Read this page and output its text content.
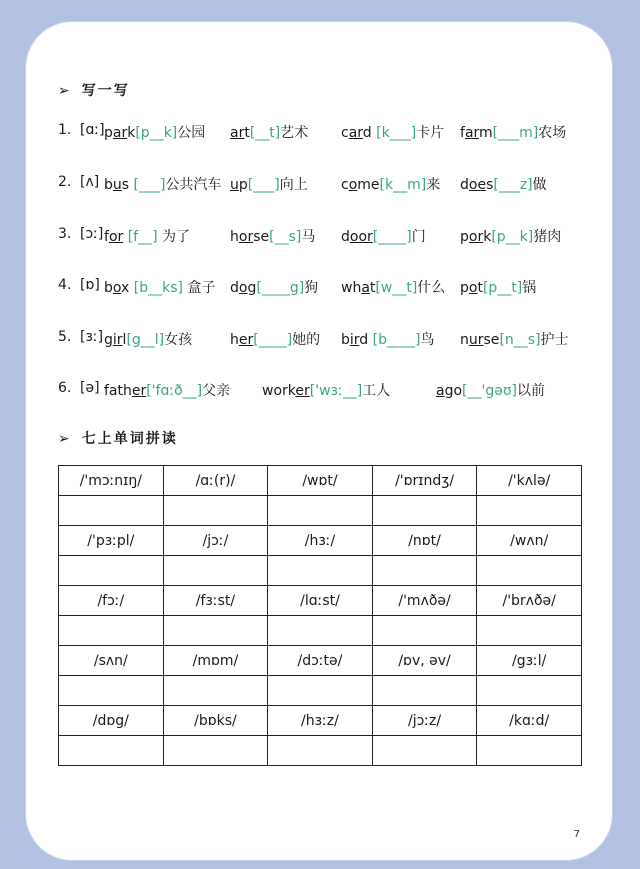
➢ 写一写
1. [ɑː] park[p__k]公园 art[__t]艺术 card [k___]卡片 farm[___m]农场
2. [ʌ] bus [___]公共汽车 up[___]向上 come[k__m]来 does[___z]做
3. [ɔː] for [f__] 为了	horse[__s]马 door[____]门 pork[p__k]猪肉
4. [ɒ] box [b__ks] 盒子 dog[____g]狗 what[w__t]什么 pot[p__t]锅
5. [ɜː] girl[g__l]女孩	her[____]她的 bird [b____]鸟 nurse[n__s]护士
6. [ə] father['fɑːð__]父亲 worker['wɜː__]工人	ago[__'gəʊ]以前
➢ 七上单词拼读
/'mɔːnɪŋ/	/ɑː(r)/	/wɒt/	/'ɒrɪndʒ/	/'kʌlə/

/'pɜːpl/	/jɔː/	/hɜː/	/nɒt/	/wʌn/

/fɔː/	/fɜːst/	/lɑːst/	/'mʌðə/	/'brʌðə/

/sʌn/	/mɒm/	/dɔːtə/	/ɒv, əv/	/gɜːl/

/dɒg/	/bɒks/	/hɜːz/	/jɔːz/	/kɑːd/

7
